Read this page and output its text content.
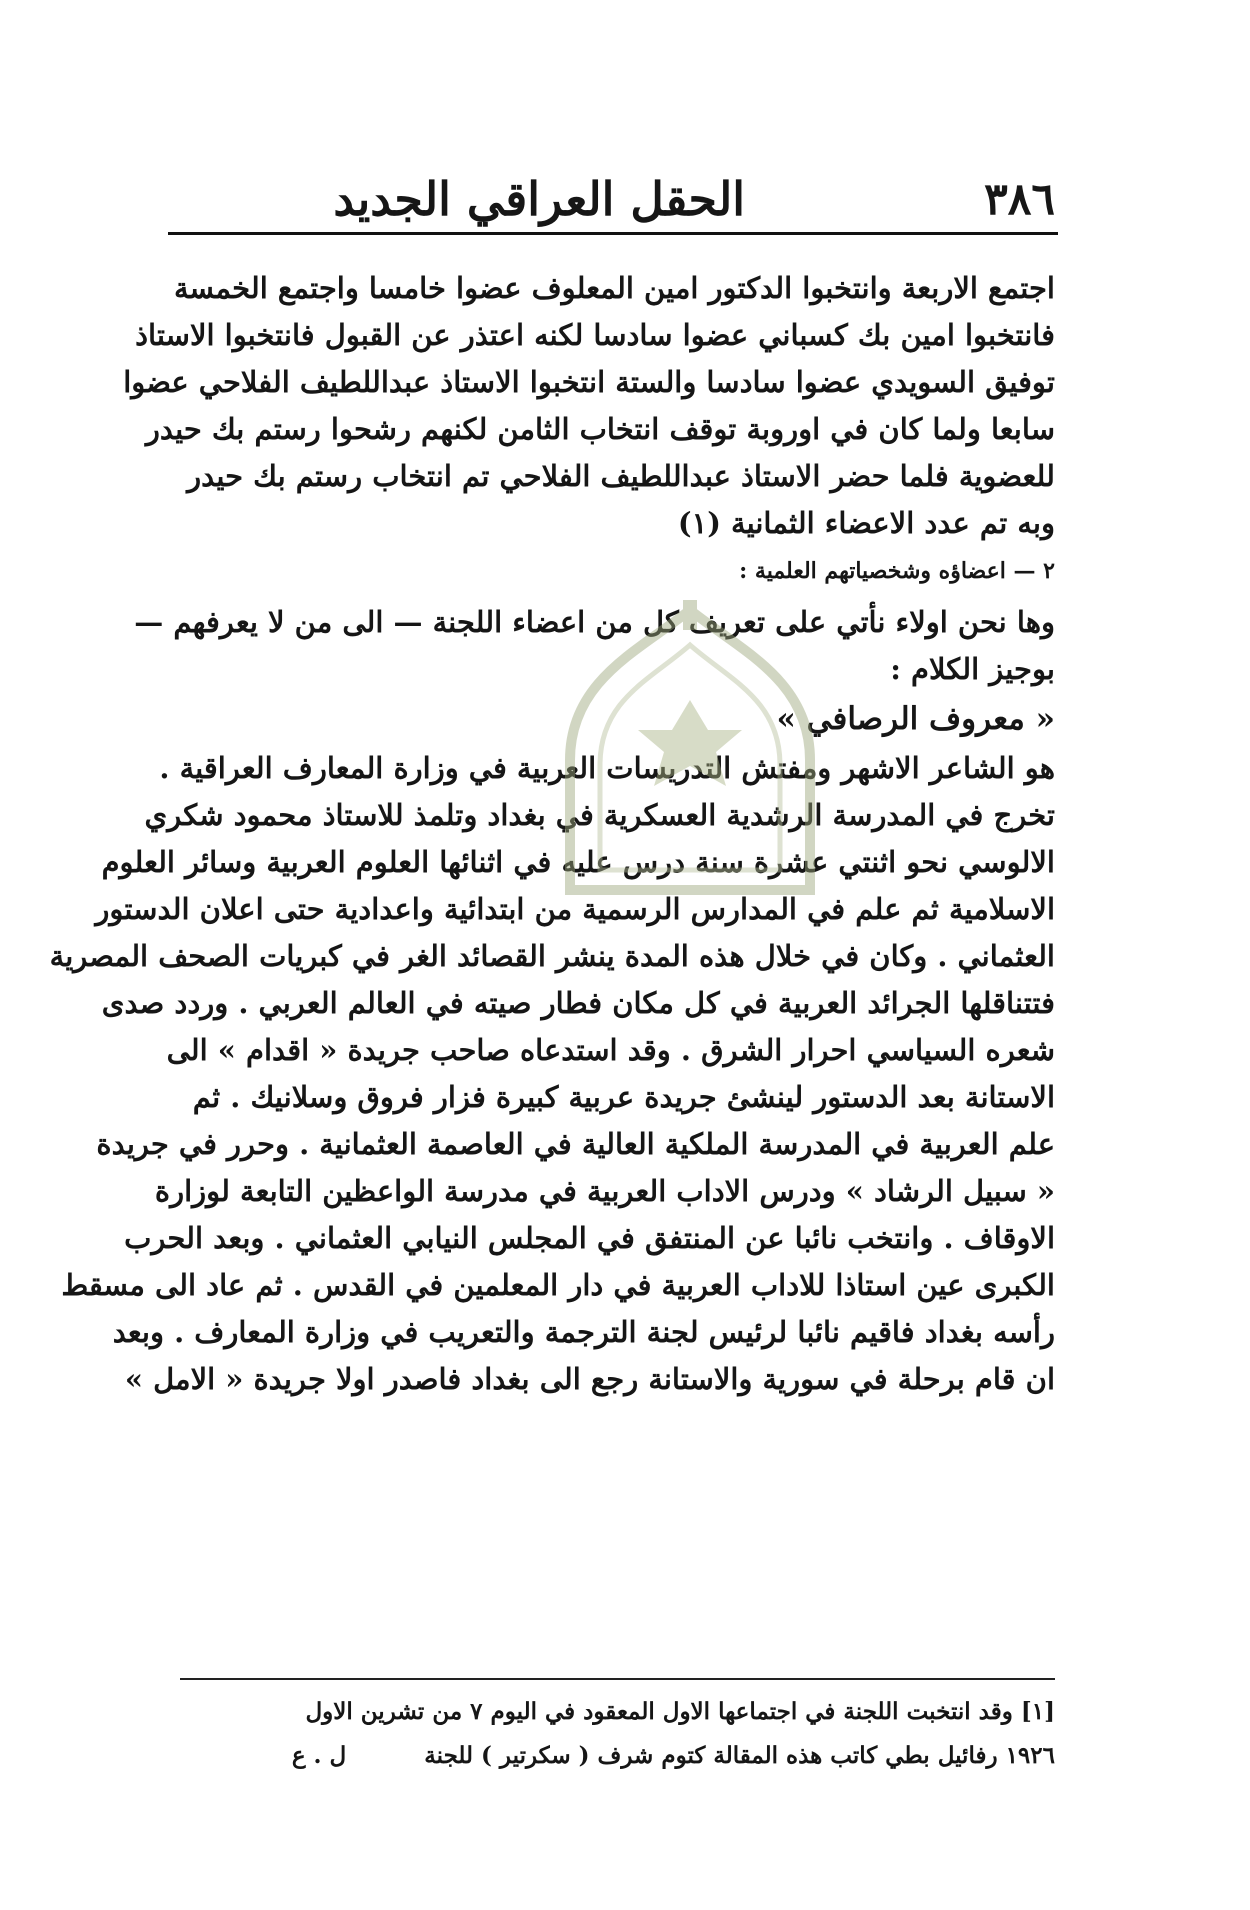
٣٨٦
الحقل العراقي الجديد
اجتمع الاربعة وانتخبوا الدكتور امين المعلوف عضوا خامسا واجتمع الخمسة
فانتخبوا امين بك كسباني عضوا سادسا لكنه اعتذر عن القبول فانتخبوا الاستاذ
توفيق السويدي عضوا سادسا والستة انتخبوا الاستاذ عبداللطيف الفلاحي عضوا
سابعا ولما كان في اوروبة توقف انتخاب الثامن لكنهم رشحوا رستم بك حيدر
للعضوية فلما حضر الاستاذ عبداللطيف الفلاحي تم انتخاب رستم بك حيدر
وبه تم عدد الاعضاء الثمانية (١)
٢ — اعضاؤه وشخصياتهم العلمية :
وها نحن اولاء نأتي على تعريف كل من اعضاء اللجنة — الى من لا يعرفهم —
بوجيز الكلام :
« معروف الرصافي »
هو الشاعر الاشهر ومفتش التدريسات العربية في وزارة المعارف العراقية .
تخرج في المدرسة الرشدية العسكرية في بغداد وتلمذ للاستاذ محمود شكري
الالوسي نحو اثنتي عشرة سنة درس عليه في اثنائها العلوم العربية وسائر العلوم
الاسلامية ثم علم في المدارس الرسمية من ابتدائية واعدادية حتى اعلان الدستور
العثماني . وكان في خلال هذه المدة ينشر القصائد الغر في كبريات الصحف المصرية
فتتناقلها الجرائد العربية في كل مكان فطار صيته في العالم العربي . وردد صدى
شعره السياسي احرار الشرق . وقد استدعاه صاحب جريدة « اقدام » الى
الاستانة بعد الدستور لينشئ جريدة عربية كبيرة فزار فروق وسلانيك . ثم
علم العربية في المدرسة الملكية العالية في العاصمة العثمانية . وحرر في جريدة
« سبيل الرشاد » ودرس الاداب العربية في مدرسة الواعظين التابعة لوزارة
الاوقاف . وانتخب نائبا عن المنتفق في المجلس النيابي العثماني . وبعد الحرب
الكبرى عين استاذا للاداب العربية في دار المعلمين في القدس . ثم عاد الى مسقط
رأسه بغداد فاقيم نائبا لرئيس لجنة الترجمة والتعريب في وزارة المعارف . وبعد
ان قام برحلة في سورية والاستانة رجع الى بغداد فاصدر اولا جريدة « الامل »
[١] وقد انتخبت اللجنة في اجتماعها الاول المعقود في اليوم ٧ من تشرين الاول
١٩٢٦ رفائيل بطي كاتب هذه المقالة كتوم شرف ( سكرتير ) للجنة ل . ع
